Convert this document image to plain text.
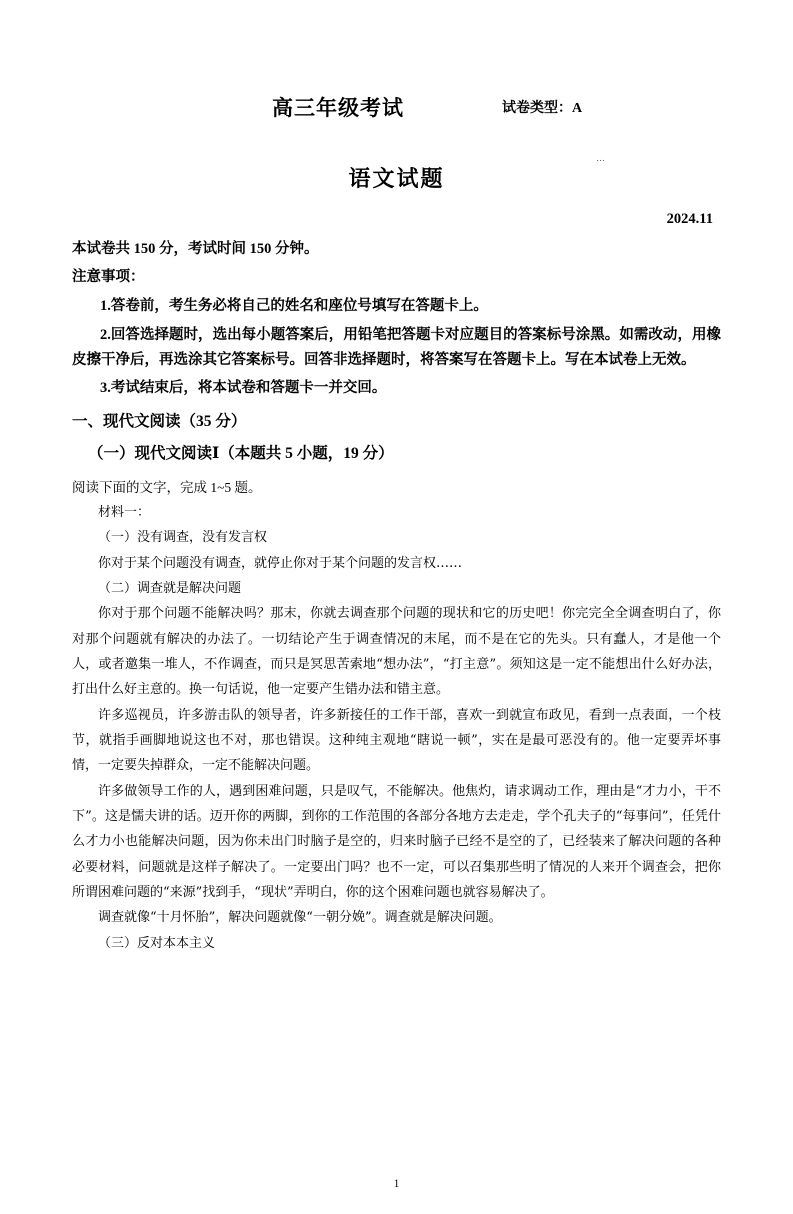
…
高三年级考试	试卷类型：A
语文试题
2024.11
本试卷共 150 分，考试时间 150 分钟。
注意事项：
1.答卷前，考生务必将自己的姓名和座位号填写在答题卡上。
2.回答选择题时，选出每小题答案后，用铅笔把答题卡对应题目的答案标号涂黑。如需改动，用橡皮擦干净后，再选涂其它答案标号。回答非选择题时，将答案写在答题卡上。写在本试卷上无效。
3.考试结束后，将本试卷和答题卡一并交回。
一、现代文阅读（35 分）
（一）现代文阅读Ⅰ（本题共 5 小题，19 分）
阅读下面的文字，完成 1~5 题。

材料一：

（一）没有调查，没有发言权

你对于某个问题没有调查，就停止你对于某个问题的发言权……

（二）调查就是解决问题

你对于那个问题不能解决吗？那末，你就去调查那个问题的现状和它的历史吧！你完完全全调查明白了，你对那个问题就有解决的办法了。一切结论产生于调查情况的末尾，而不是在它的先头。只有蠢人，才是他一个人，或者邀集一堆人，不作调查，而只是冥思苦索地“想办法”，“打主意”。须知这是一定不能想出什么好办法，打出什么好主意的。换一句话说，他一定要产生错办法和错主意。

许多巡视员，许多游击队的领导者，许多新接任的工作干部，喜欢一到就宣布政见，看到一点表面，一个枝节，就指手画脚地说这也不对，那也错误。这种纯主观地“瞎说一顿”，实在是最可恶没有的。他一定要弄坏事情，一定要失掉群众，一定不能解决问题。

许多做领导工作的人，遇到困难问题，只是叹气，不能解决。他焦灼，请求调动工作，理由是“才力小，干不下”。这是懦夫讲的话。迈开你的两脚，到你的工作范围的各部分各地方去走走，学个孔夫子的“每事问”，任凭什么才力小也能解决问题，因为你未出门时脑子是空的，归来时脑子已经不是空的了，已经装来了解决问题的各种必要材料，问题就是这样子解决了。一定要出门吗？也不一定，可以召集那些明了情况的人来开个调查会，把你所谓困难问题的“来源”找到手，“现状”弄明白，你的这个困难问题也就容易解决了。

调查就像“十月怀胎”，解决问题就像“一朝分娩”。调查就是解决问题。

（三）反对本本主义

1
